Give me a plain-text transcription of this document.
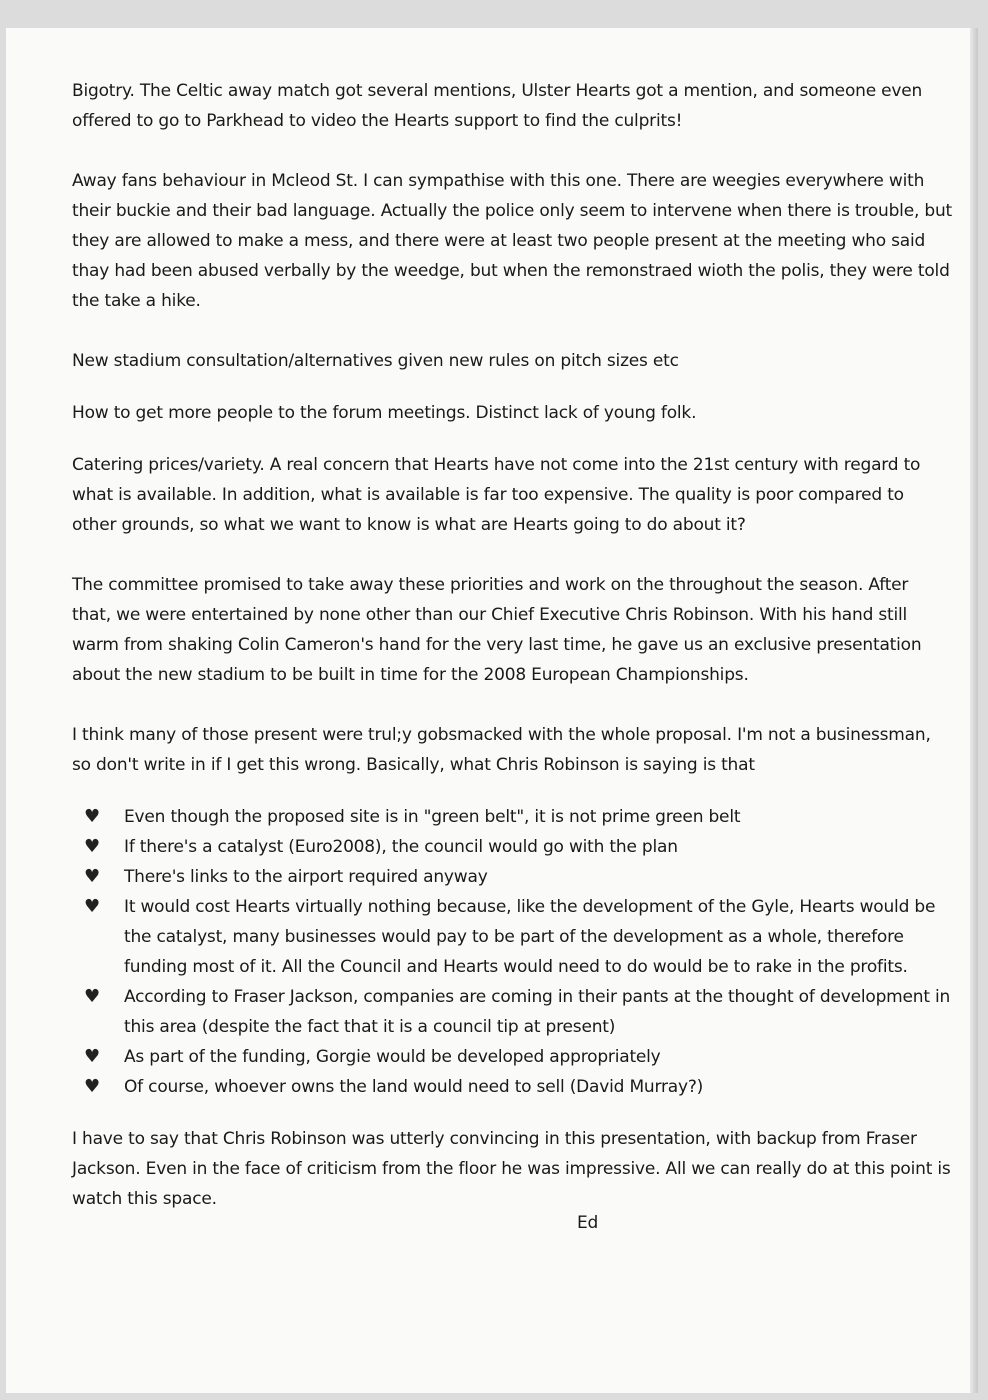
Bigotry. The Celtic away match got several mentions, Ulster Hearts got a mention, and someone even offered to go to Parkhead to video the Hearts support to find the culprits!

Away fans behaviour in Mcleod St. I can sympathise with this one. There are weegies everywhere with their buckie and their bad language. Actually the police only seem to intervene when there is trouble, but they are allowed to make a mess, and there were at least two people present at the meeting who said thay had been abused verbally by the weedge, but when the remonstraed wioth the polis, they were told the take a hike.

New stadium consultation/alternatives given new rules on pitch sizes etc

How to get more people to the forum meetings. Distinct lack of young folk.

Catering prices/variety. A real concern that Hearts have not come into the 21st century with regard to what is available. In addition, what is available is far too expensive. The quality is poor compared to other grounds, so what we want to know is what are Hearts going to do about it?

The committee promised to take away these priorities and work on the throughout the season. After that, we were entertained by none other than our Chief Executive Chris Robinson. With his hand still warm from shaking Colin Cameron's hand for the very last time, he gave us an exclusive presentation about the new stadium to be built in time for the 2008 European Championships.

I think many of those present were trul;y gobsmacked with the whole proposal. I'm not a businessman, so don't write in if I get this wrong. Basically, what Chris Robinson is saying is that

♥ Even though the proposed site is in "green belt", it is not prime green belt
♥ If there's a catalyst (Euro2008), the council would go with the plan
♥ There's links to the airport required anyway
♥ It would cost Hearts virtually nothing because, like the development of the Gyle, Hearts would be the catalyst, many businesses would pay to be part of the development as a whole, therefore funding most of it. All the Council and Hearts would need to do would be to rake in the profits.
♥ According to Fraser Jackson, companies are coming in their pants at the thought of development in this area (despite the fact that it is a council tip at present)
♥ As part of the funding, Gorgie would be developed appropriately
♥ Of course, whoever owns the land would need to sell (David Murray?)

I have to say that Chris Robinson was utterly convincing in this presentation, with backup from Fraser Jackson. Even in the face of criticism from the floor he was impressive. All we can really do at this point is watch this space.

Ed
